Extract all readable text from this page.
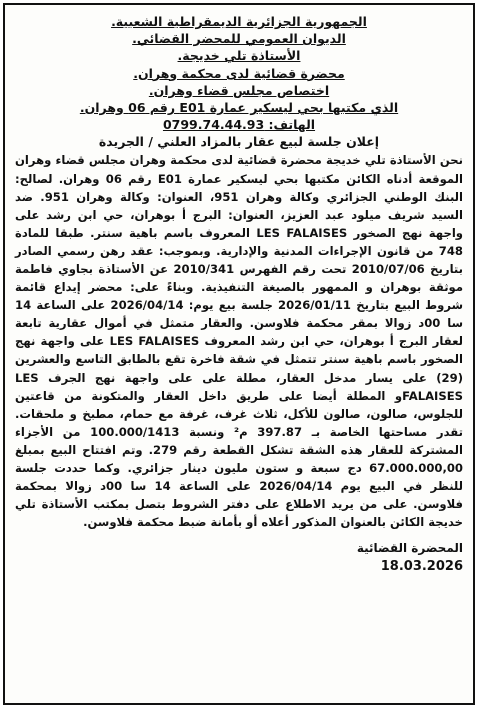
الجمهورية الجزائرية الديمقراطية الشعبية.
الديوان العمومي للمحضر القضائي.
الأستاذة تلي خديجة.
محضرة قضائية لدى محكمة وهران.
اختصاص مجلس قضاء وهران.
الذي مكتبها بحي ليسكير عمارة E01 رقم 06 وهران.
الهاتف: 0799.74.44.93
إعلان جلسة لبيع عقار بالمزاد العلني / الجريدة
نحن الأستاذة تلي خديجة محضرة قضائية لدى محكمة وهران مجلس قضاء وهران الموقعة أدناه الكائن مكتبها بحي ليسكير عمارة E01 رقم 06 وهران. لصالح: البنك الوطني الجزائري وكالة وهران 951، العنوان: وكالة وهران 951. ضد السيد شريف ميلود عبد العزيز، العنوان: البرج أ بوهران، حي ابن رشد على واجهة نهج الصخور LES FALAISES المعروف باسم باهية سنتر. طبقا للمادة 748 من قانون الإجراءات المدنية والإدارية. وبموجب: عقد رهن رسمي الصادر بتاريخ 2010/07/06 تحت رقم الفهرس 2010/341 عن الأستاذة بجاوي فاطمة موثقة بوهران و الممهور بالصيغة التنفيذية. وبناءً على: محضر إيداع قائمة شروط البيع بتاريخ 2026/01/11 جلسة بيع يوم: 2026/04/14 على الساعة 14 سا 00د زوالا بمقر محكمة فلاوسن. والعقار متمثل في أموال عقارية تابعة لعقار البرج أ بوهران، حي ابن رشد المعروف LES FALAISES على واجهة نهج الصخور باسم باهية سنتر تتمثل في شقة فاخرة تقع بالطابق التاسع والعشرين (29) على يسار مدخل العقار، مطلة على على واجهة نهج الجرف LES FALAISESو المطلة أيضا على طريق داخل العقار والمتكونة من قاعتين للجلوس، صالون، صالون للأكل، ثلاث غرف، غرفة مع حمام، مطبخ و ملحقات. تقدر مساحتها الخاصة بـ 397.87 م² ونسبة 100.000/1413 من الأجزاء المشتركة للعقار هذه الشقة تشكل القطعة رقم 279. وتم افتتاح البيع بمبلغ 67.000.000,00 دج سبعة و ستون مليون دينار جزائري. وكما حددت جلسة للنظر في البيع يوم 2026/04/14 على الساعة 14 سا 00د زوالا بمحكمة فلاوسن. على من يريد الاطلاع على دفتر الشروط بتصل بمكتب الأستاذة تلي خديجة الكائن بالعنوان المذكور أعلاه أو بأمانة ضبط محكمة فلاوسن.
المحضرة القضائية
18.03.2026
